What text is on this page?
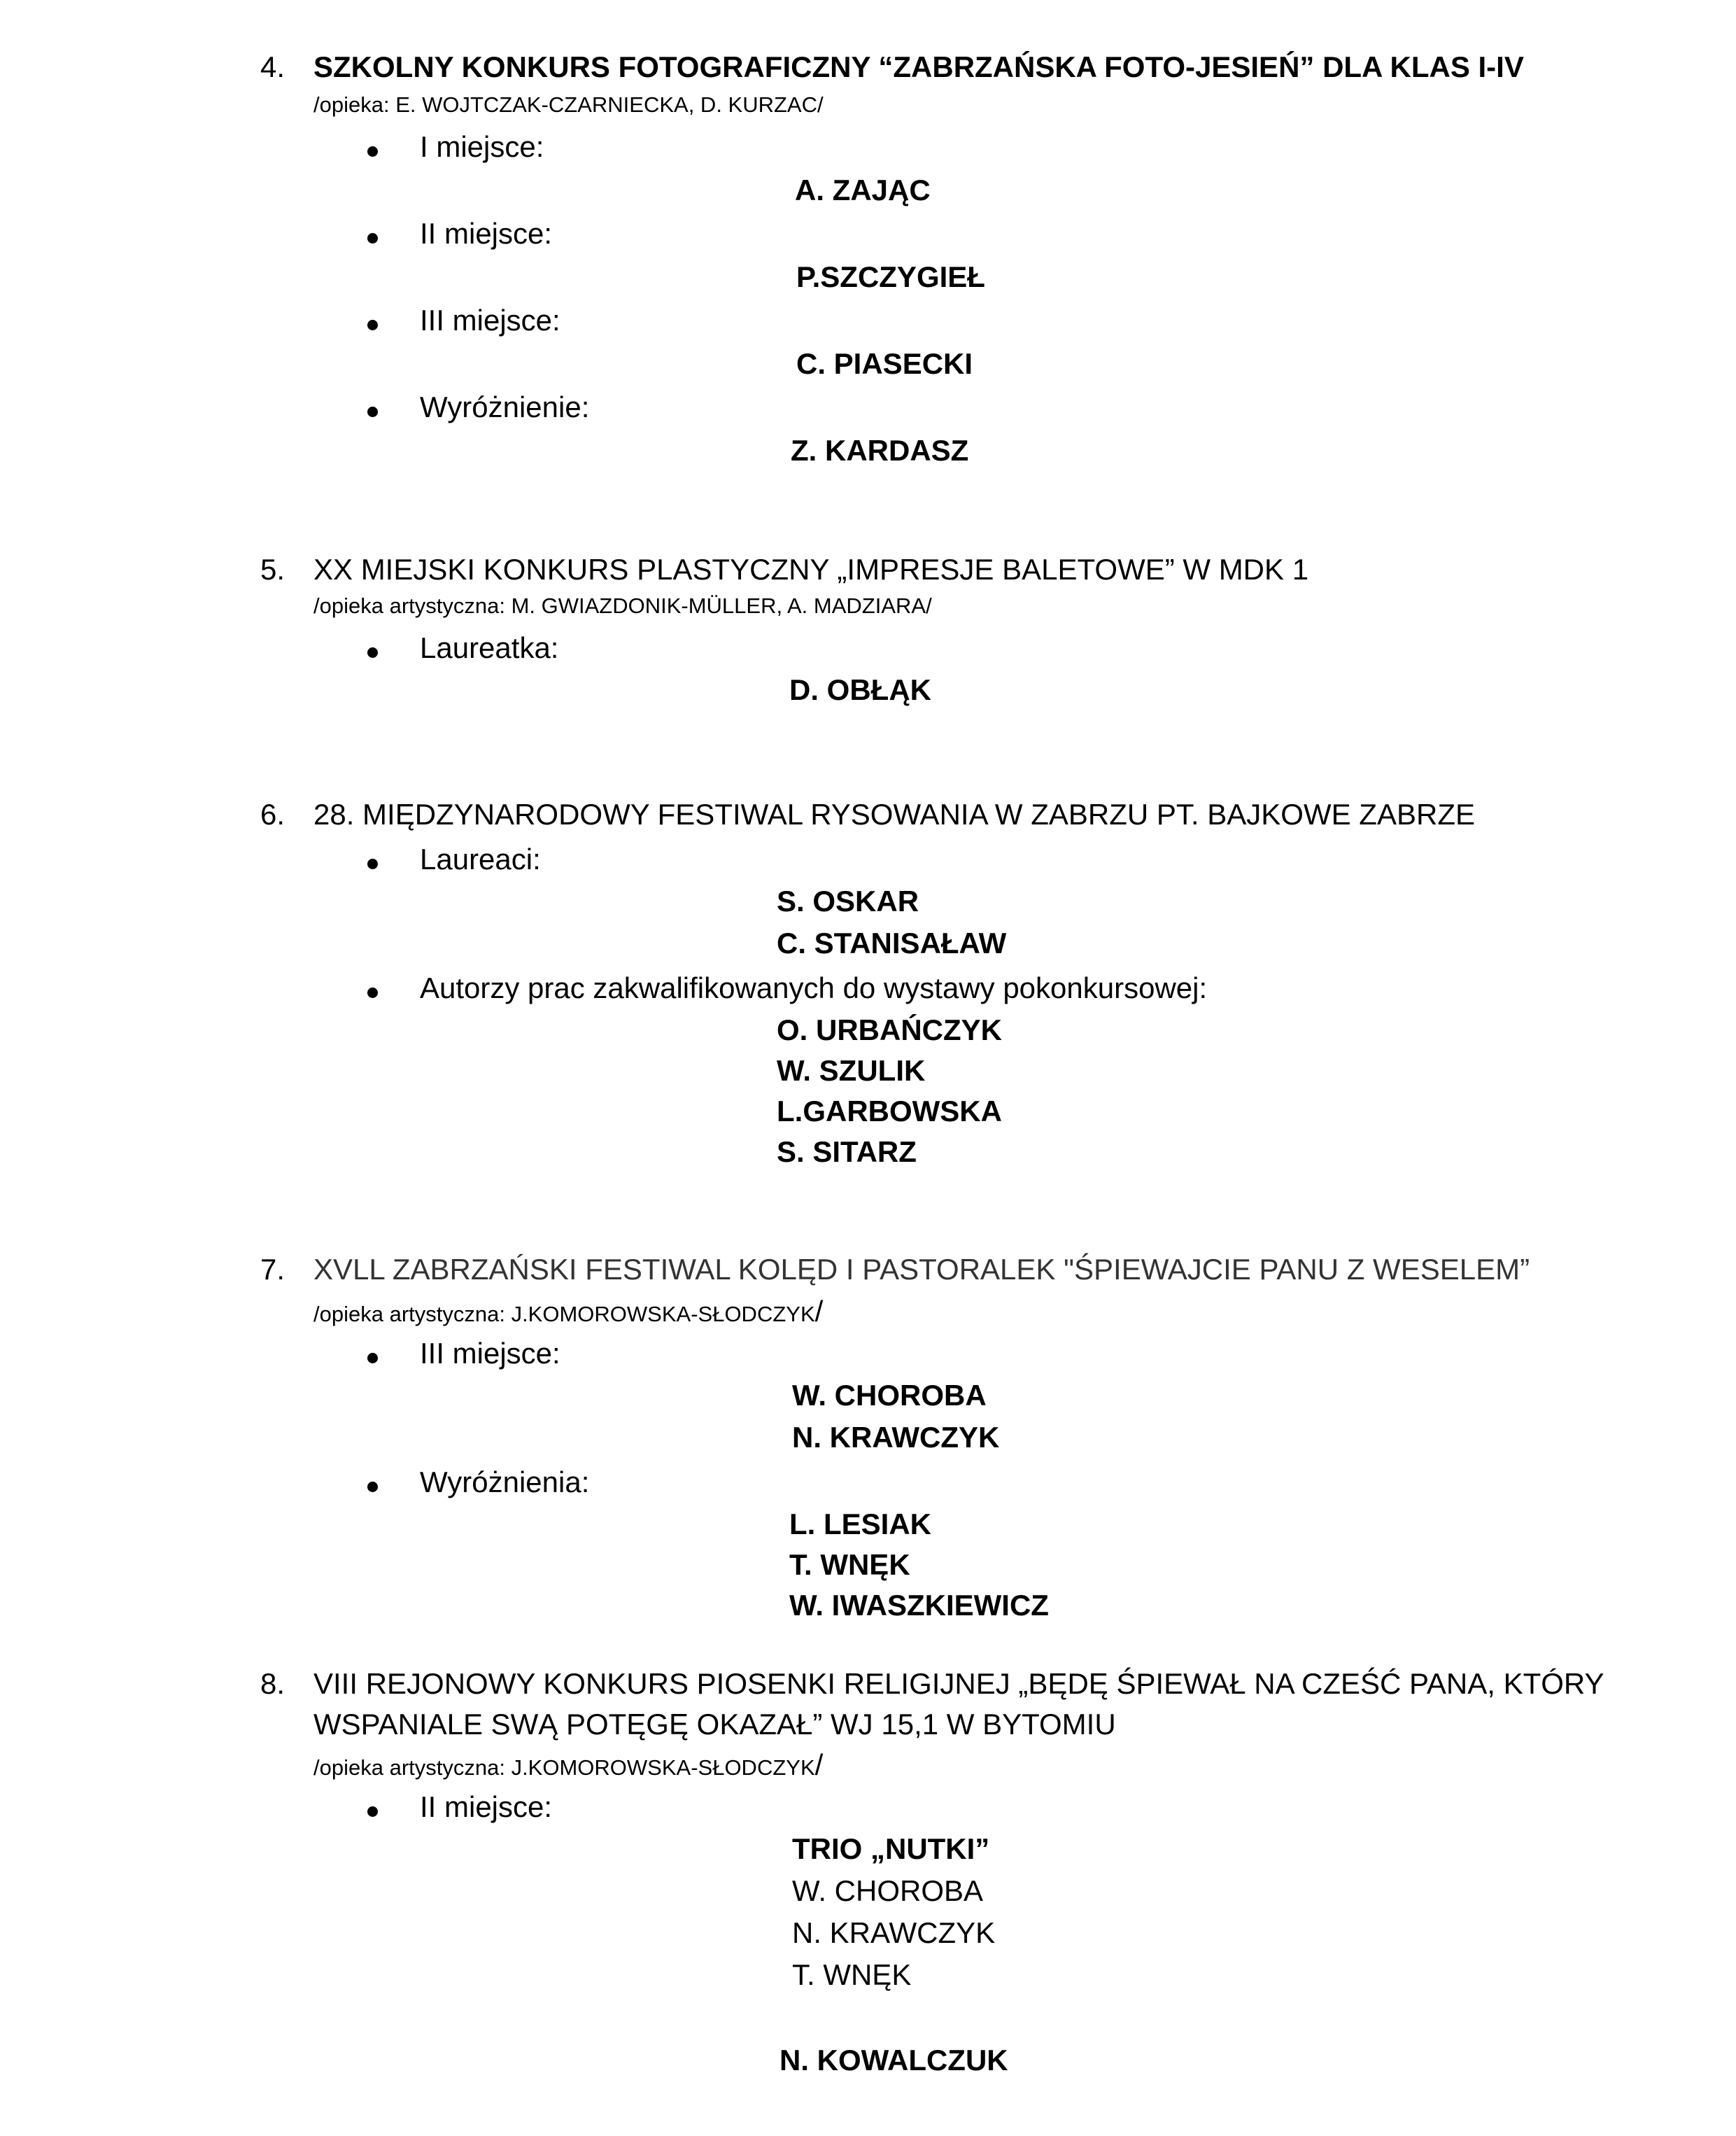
4. SZKOLNY KONKURS FOTOGRAFICZNY “ZABRZAŃSKA FOTO-JESIEŃ” DLA KLAS I-IV
/opieka: E. WOJTCZAK-CZARNIECKA, D. KURZAC/
I miejsce:
A. ZAJĄC
II miejsce:
P.SZCZYGIEŁ
III miejsce:
C. PIASECKI
Wyróżnienie:
Z. KARDASZ
5. XX MIEJSKI KONKURS PLASTYCZNY „IMPRESJE BALETOWE” W MDK 1
/opieka artystyczna: M. GWIAZDONIK-MÜLLER, A. MADZIARA/
Laureatka:
D. OBŁĄK
6. 28. MIĘDZYNARODOWY FESTIWAL RYSOWANIA W ZABRZU PT. BAJKOWE ZABRZE
Laureaci:
S. OSKAR
C. STANISAŁAW
Autorzy prac zakwalifikowanych do wystawy pokonkursowej:
O. URBAŃCZYK
W. SZULIK
L.GARBOWSKA
S. SITARZ
7. XVLL ZABRZAŃSKI FESTIWAL KOLĘD I PASTORALEK "ŚPIEWAJCIE PANU Z WESELEM”
/opieka artystyczna: J.KOMOROWSKA-SŁODCZYK/
III miejsce:
W. CHOROBA
N. KRAWCZYK
Wyróżnienia:
L. LESIAK
T. WNĘK
W. IWASZKIEWICZ
8. VIII REJONOWY KONKURS PIOSENKI RELIGIJNEJ „BĘDĘ ŚPIEWAŁ NA CZEŚĆ PANA, KTÓRY
WSPANIALE SWĄ POTĘGĘ OKAZAŁ” WJ 15,1 W BYTOMIU
/opieka artystyczna: J.KOMOROWSKA-SŁODCZYK/
II miejsce:
TRIO „NUTKI”
W. CHOROBA
N. KRAWCZYK
T. WNĘK
N. KOWALCZUK
